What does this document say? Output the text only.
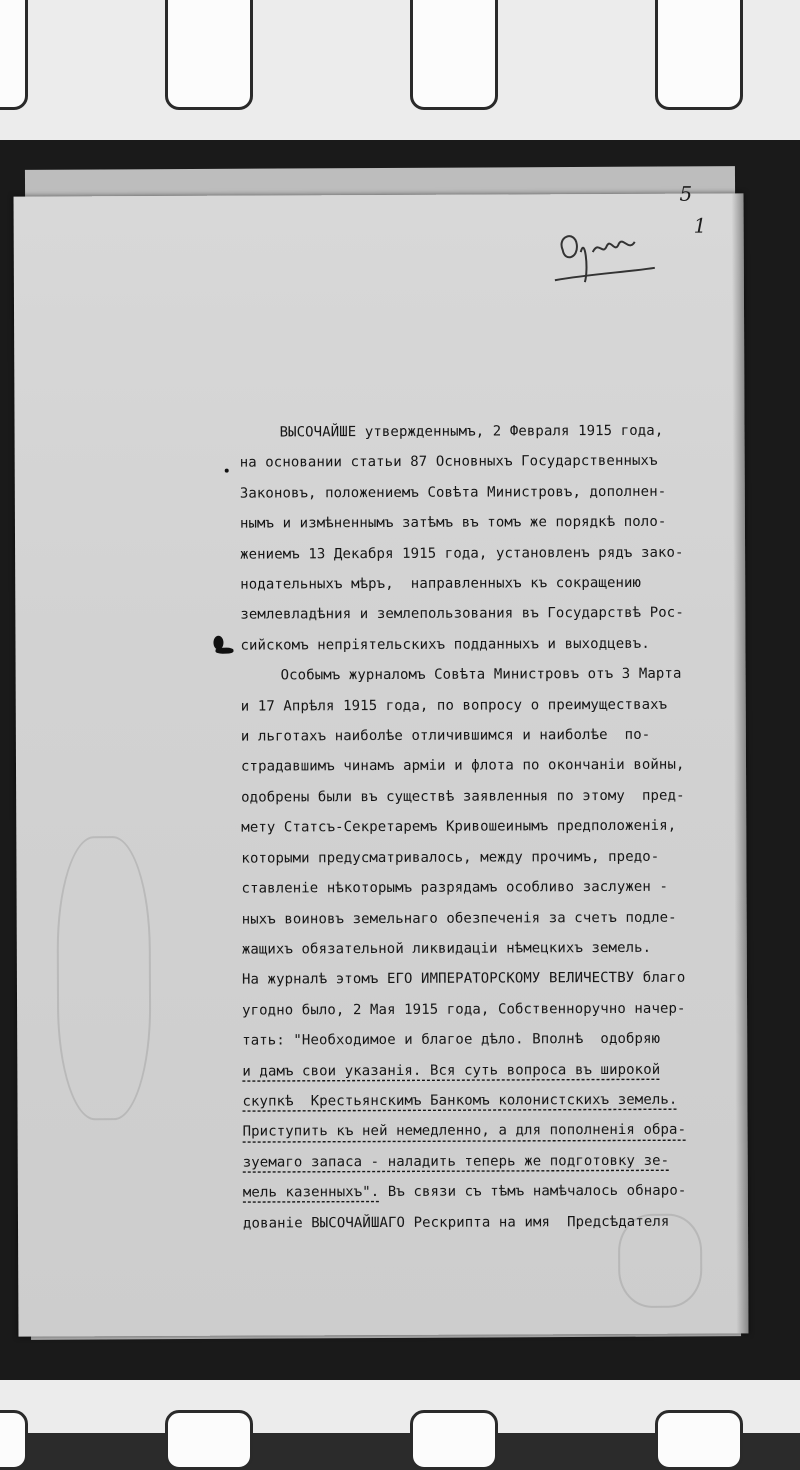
5
1

ВЫСОЧАЙШЕ утвержденнымъ, 2 Февраля 1915 года,
на основании статьи 87 Основныхъ Государственныхъ
Законовъ, положениемъ Совѣта Министровъ, дополнен-
нымъ и измѣненнымъ затѣмъ въ томъ же порядкѣ поло-
жениемъ 13 Декабря 1915 года, установленъ рядъ зако-
нодательныхъ мѣръ,  направленныхъ къ сокращению
землевладѣния и землепользования въ Государствѣ Рос-
сийскомъ непрiятельскихъ подданныхъ и выходцевъ.

Особымъ журналомъ Совѣта Министровъ отъ 3 Марта
и 17 Апрѣля 1915 года, по вопросу о преимуществахъ
и льготахъ наиболѣе отличившимся и наиболѣе  по-
страдавшимъ чинамъ армiи и флота по окончанiи войны,
одобрены были въ существѣ заявленныя по этому  пред-
мету Статсъ-Секретаремъ Кривошеинымъ предположенiя,
которыми предусматривалось, между прочимъ, предо-
ставленiе нѣкоторымъ разрядамъ особливо заслужен -
ныхъ воиновъ земельнаго обезпеченiя за счетъ подле-
жащихъ обязательной ликвидацiи нѣмецкихъ земель.

На журналѣ этомъ ЕГО ИМПЕРАТОРСКОМУ ВЕЛИЧЕСТВУ благо
угодно было, 2 Мая 1915 года, Собственноручно начер-
тать: "Необходимое и благое дѣло. Вполнѣ  одобряю
и дамъ свои указанiя. Вся суть вопроса въ широкой
скупкѣ  Крестьянскимъ Банкомъ колонистскихъ земель.
Приступить къ ней немедленно, а для пополненiя обра-
зуемаго запаса - наладить теперь же подготовку зе-
мель казенныхъ". Въ связи съ тѣмъ намѣчалось обнаро-
дованiе ВЫСОЧАЙШАГО Рескрипта на имя  Предсѣдателя
